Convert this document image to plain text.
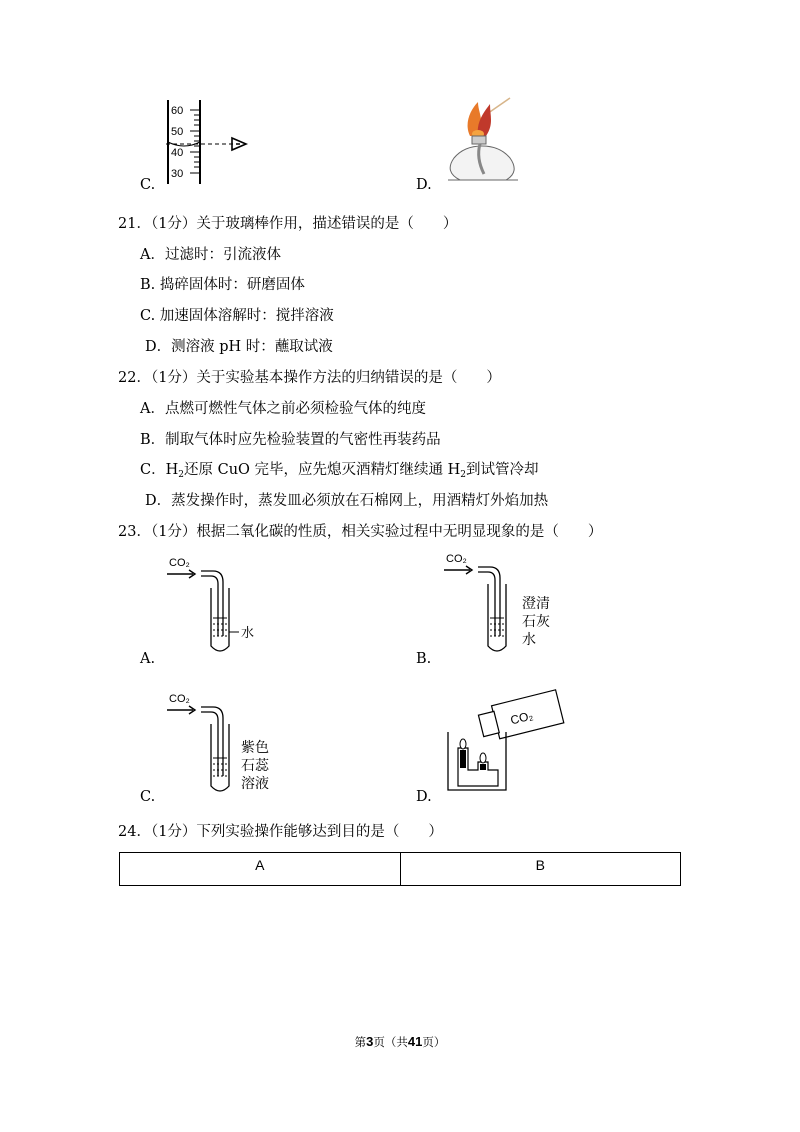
C.
60
50
40
30
D.
21．（1分）关于玻璃棒作用，描述错误的是（　　）
A．过滤时：引流液体
B. 捣碎固体时：研磨固体
C. 加速固体溶解时：搅拌溶液
D．测溶液 pH 时：蘸取试液
22．（1分）关于实验基本操作方法的归纳错误的是（　　）
A．点燃可燃性气体之前必须检验气体的纯度
B．制取气体时应先检验装置的气密性再装药品
C．$H_2$还原 CuO 完毕，应先熄灭酒精灯继续通 $H_2$到试管冷却
D．蒸发操作时，蒸发皿必须放在石棉网上，用酒精灯外焰加热
23．（1分）根据二氧化碳的性质，相关实验过程中无明显现象的是（　　）
CO₂
水
A.
CO₂
澄清
石灰
水
B.
CO₂
紫色
石蕊
溶液
C.
CO₂
D.
24．（1分）下列实验操作能够达到目的是（　　）
A	B
第3页（共41页）
